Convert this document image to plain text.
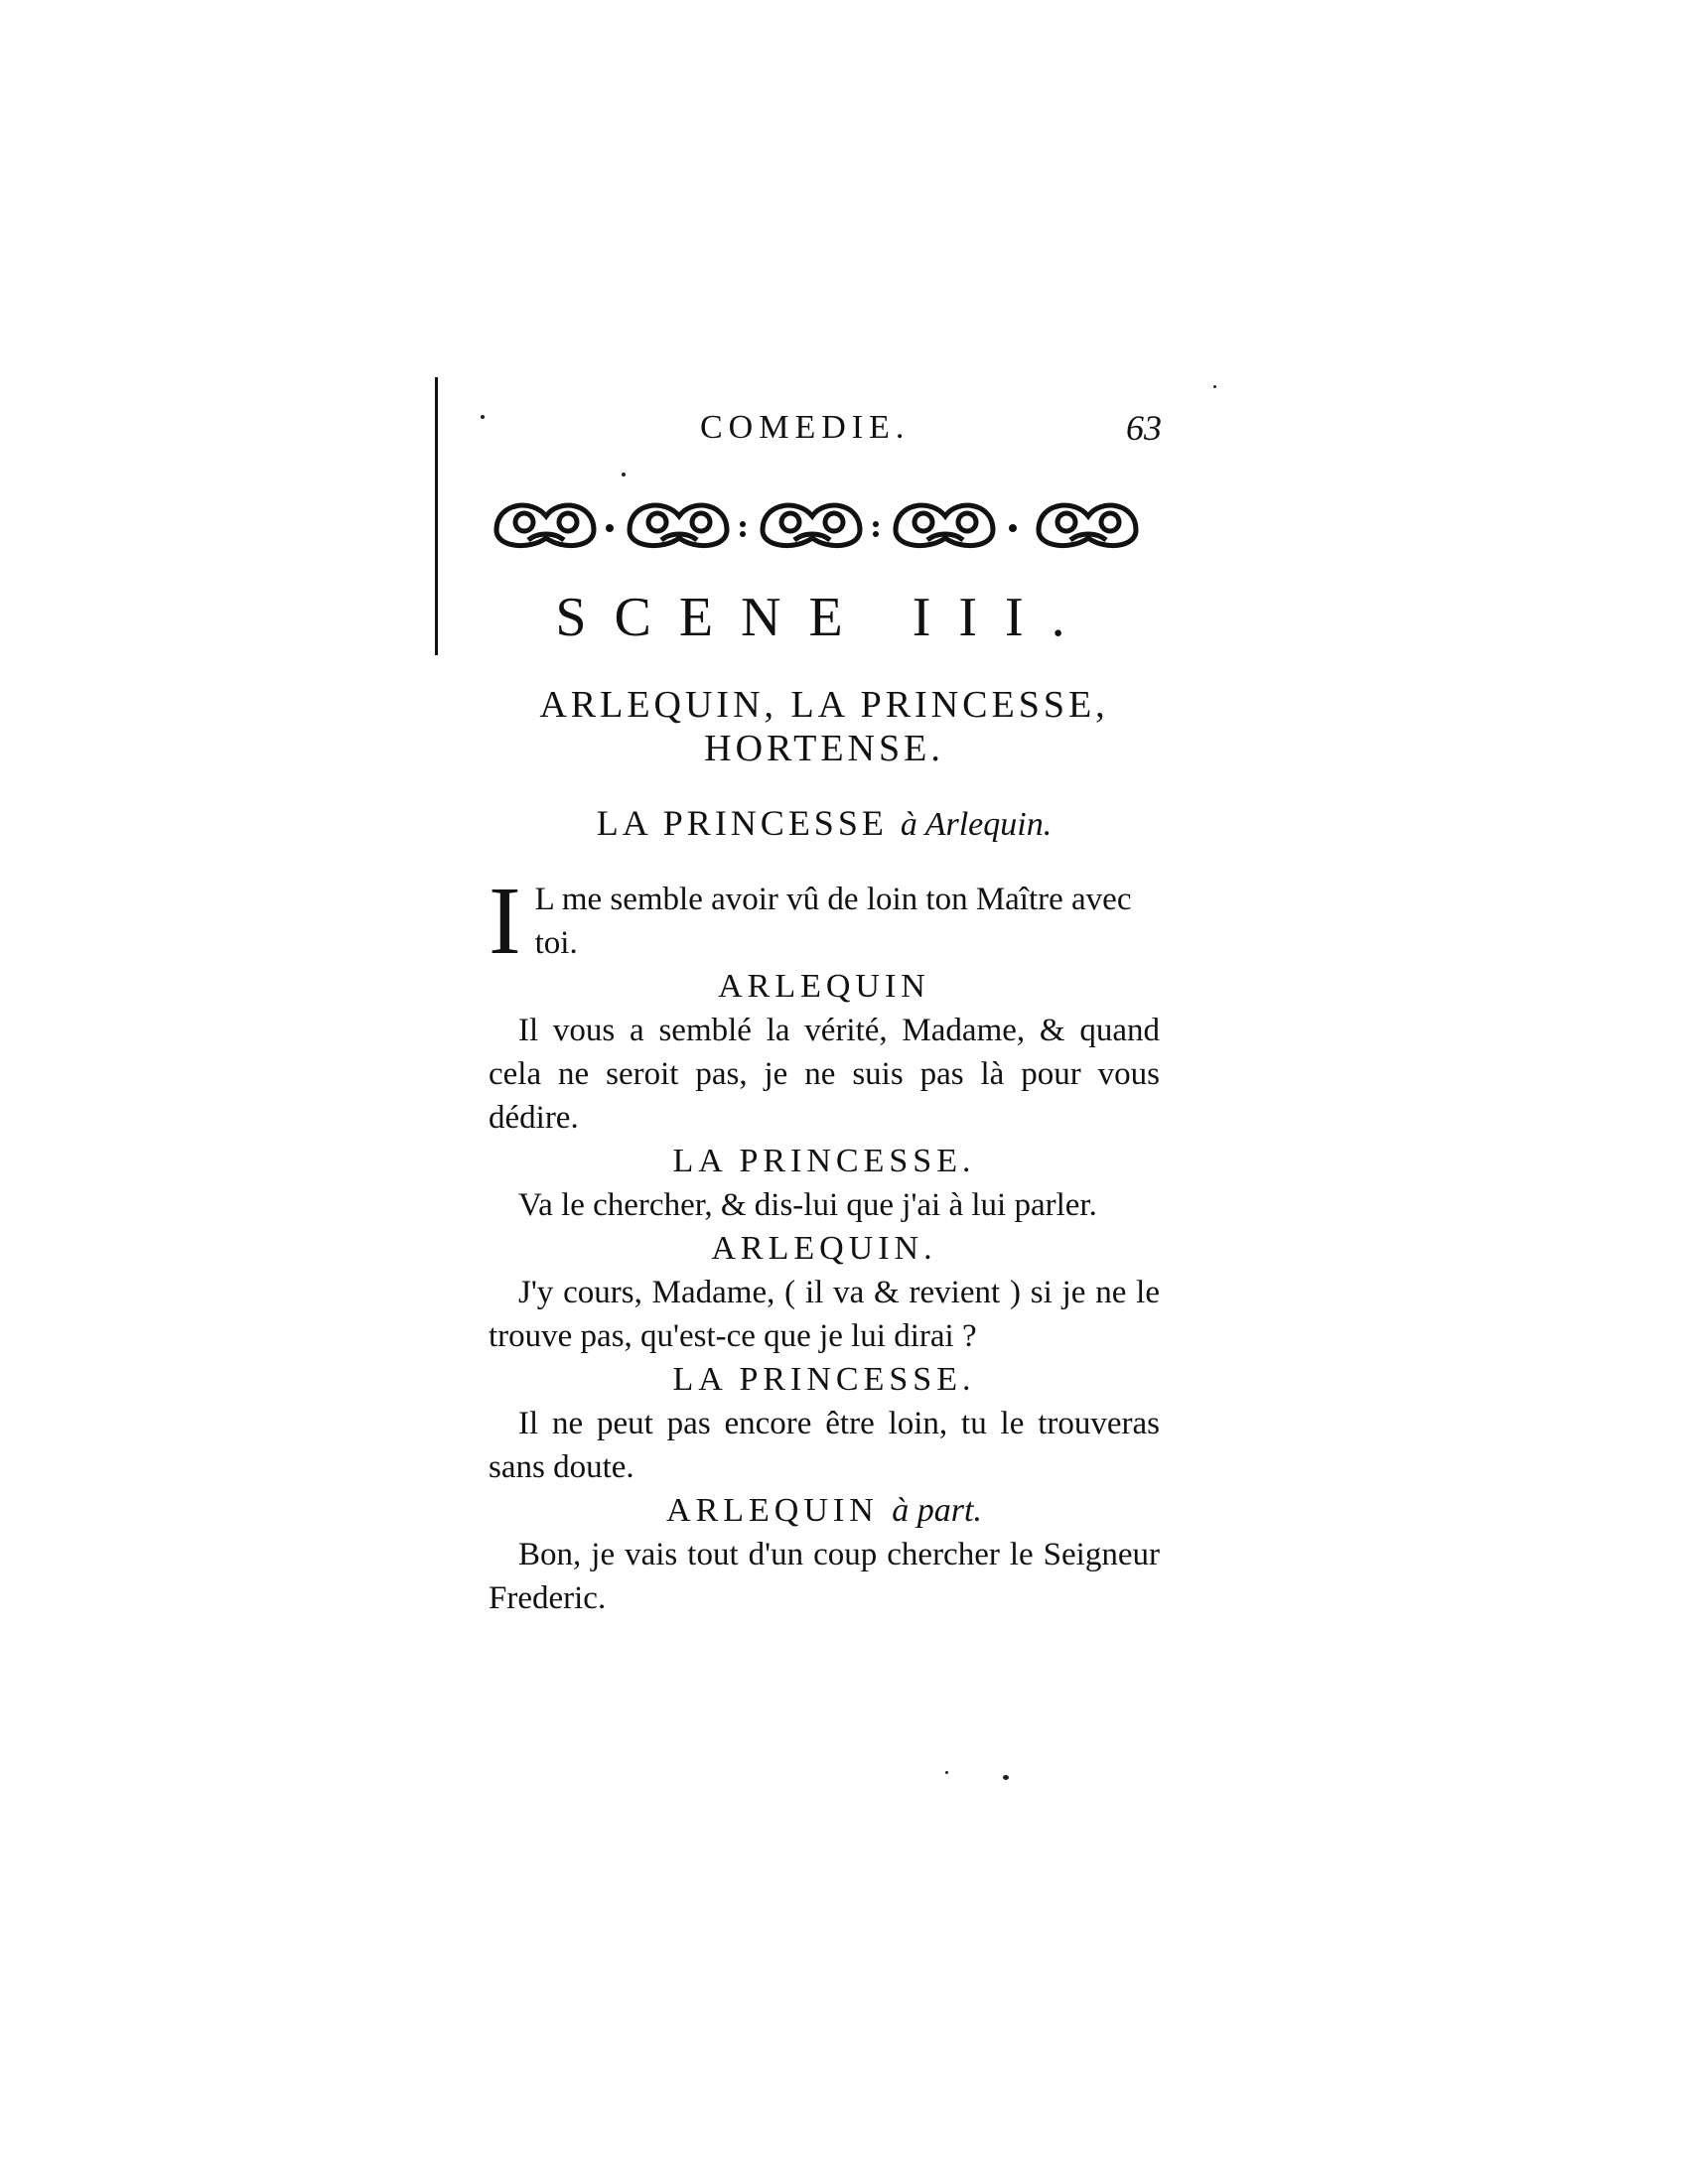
COMEDIE.	63
SCENE III.
ARLEQUIN, LA PRINCESSE,
HORTENSE.
LA PRINCESSE à Arlequin.
I L me semble avoir vû de loin ton Maître avec toi.
ARLEQUIN
Il vous a semblé la vérité, Madame, & quand cela ne seroit pas, je ne suis pas là pour vous dédire.
LA PRINCESSE.
Va le chercher, & dis-lui que j'ai à lui parler.
ARLEQUIN.
J'y cours, Madame, ( il va & revient ) si je ne le trouve pas, qu'est-ce que je lui dirai ?
LA PRINCESSE.
Il ne peut pas encore être loin, tu le trouveras sans doute.
ARLEQUIN à part.
Bon, je vais tout d'un coup chercher le Seigneur Frederic.
